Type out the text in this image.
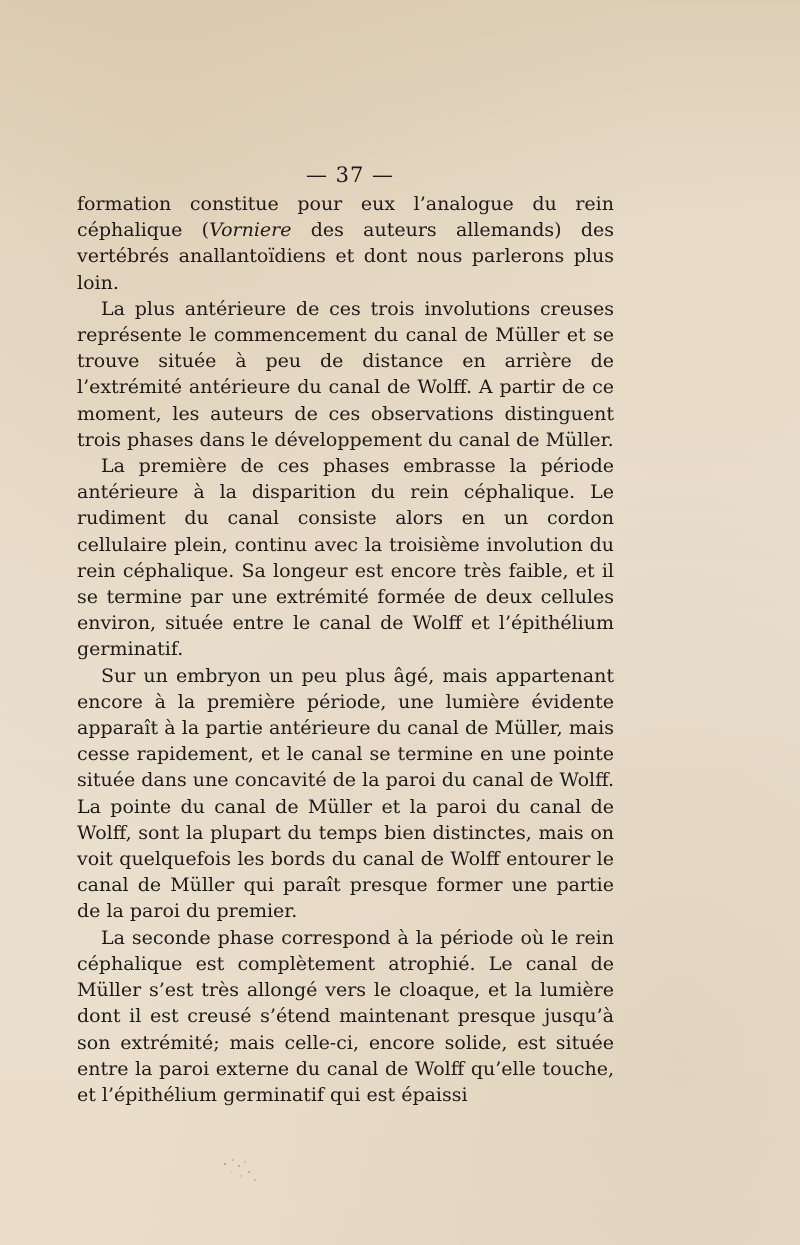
— 37 —

formation constitue pour eux l’analogue du rein céphalique (Vorniere des auteurs allemands) des vertébrés anallantoïdiens et dont nous parlerons plus loin.

La plus antérieure de ces trois involutions creuses représente le commencement du canal de Müller et se trouve située à peu de distance en arrière de l’extrémité antérieure du canal de Wolff. A partir de ce moment, les auteurs de ces observations distinguent trois phases dans le développement du canal de Müller.

La première de ces phases embrasse la période antérieure à la disparition du rein céphalique. Le rudiment du canal consiste alors en un cordon cellulaire plein, continu avec la troisième involution du rein céphalique. Sa longeur est encore très faible, et il se termine par une extrémité formée de deux cellules environ, située entre le canal de Wolff et l’épithélium germinatif.

Sur un embryon un peu plus âgé, mais appartenant encore à la première période, une lumière évidente apparaît à la partie antérieure du canal de Müller, mais cesse rapidement, et le canal se termine en une pointe située dans une concavité de la paroi du canal de Wolff. La pointe du canal de Müller et la paroi du canal de Wolff, sont la plupart du temps bien distinctes, mais on voit quelquefois les bords du canal de Wolff entourer le canal de Müller qui paraît presque former une partie de la paroi du premier.

La seconde phase correspond à la période où le rein céphalique est complètement atrophié. Le canal de Müller s’est très allongé vers le cloaque, et la lumière dont il est creusé s’étend maintenant presque jusqu’à son extrémité; mais celle-ci, encore solide, est située entre la paroi externe du canal de Wolff qu’elle touche, et l’épithélium germinatif qui est épaissi
